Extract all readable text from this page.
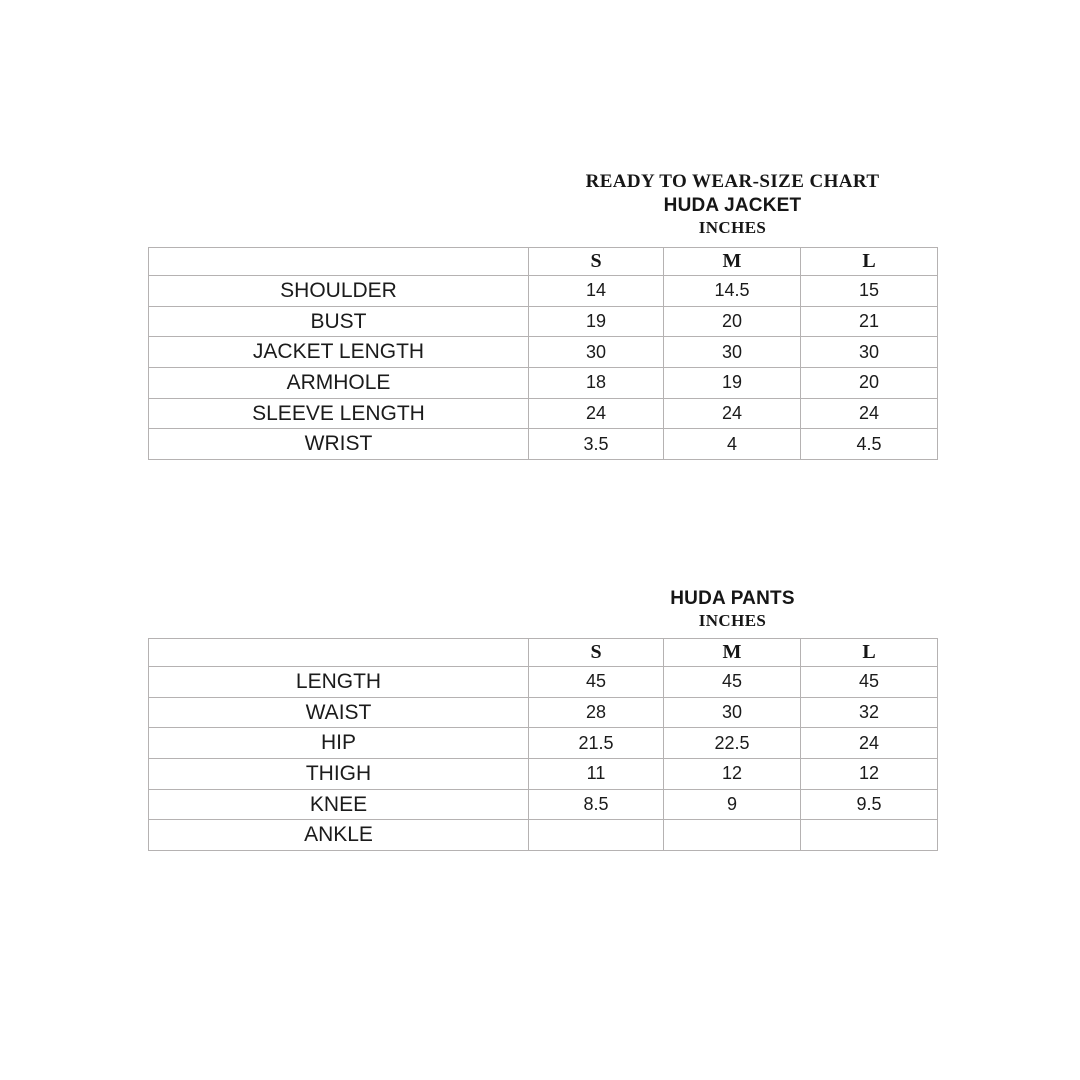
READY TO WEAR-SIZE CHART
HUDA JACKET
INCHES
	S	M	L
SHOULDER	14	14.5	15
BUST	19	20	21
JACKET LENGTH	30	30	30
ARMHOLE	18	19	20
SLEEVE LENGTH	24	24	24
WRIST	3.5	4	4.5
HUDA PANTS
INCHES
	S	M	L
LENGTH	45	45	45
WAIST	28	30	32
HIP	21.5	22.5	24
THIGH	11	12	12
KNEE	8.5	9	9.5
ANKLE			
